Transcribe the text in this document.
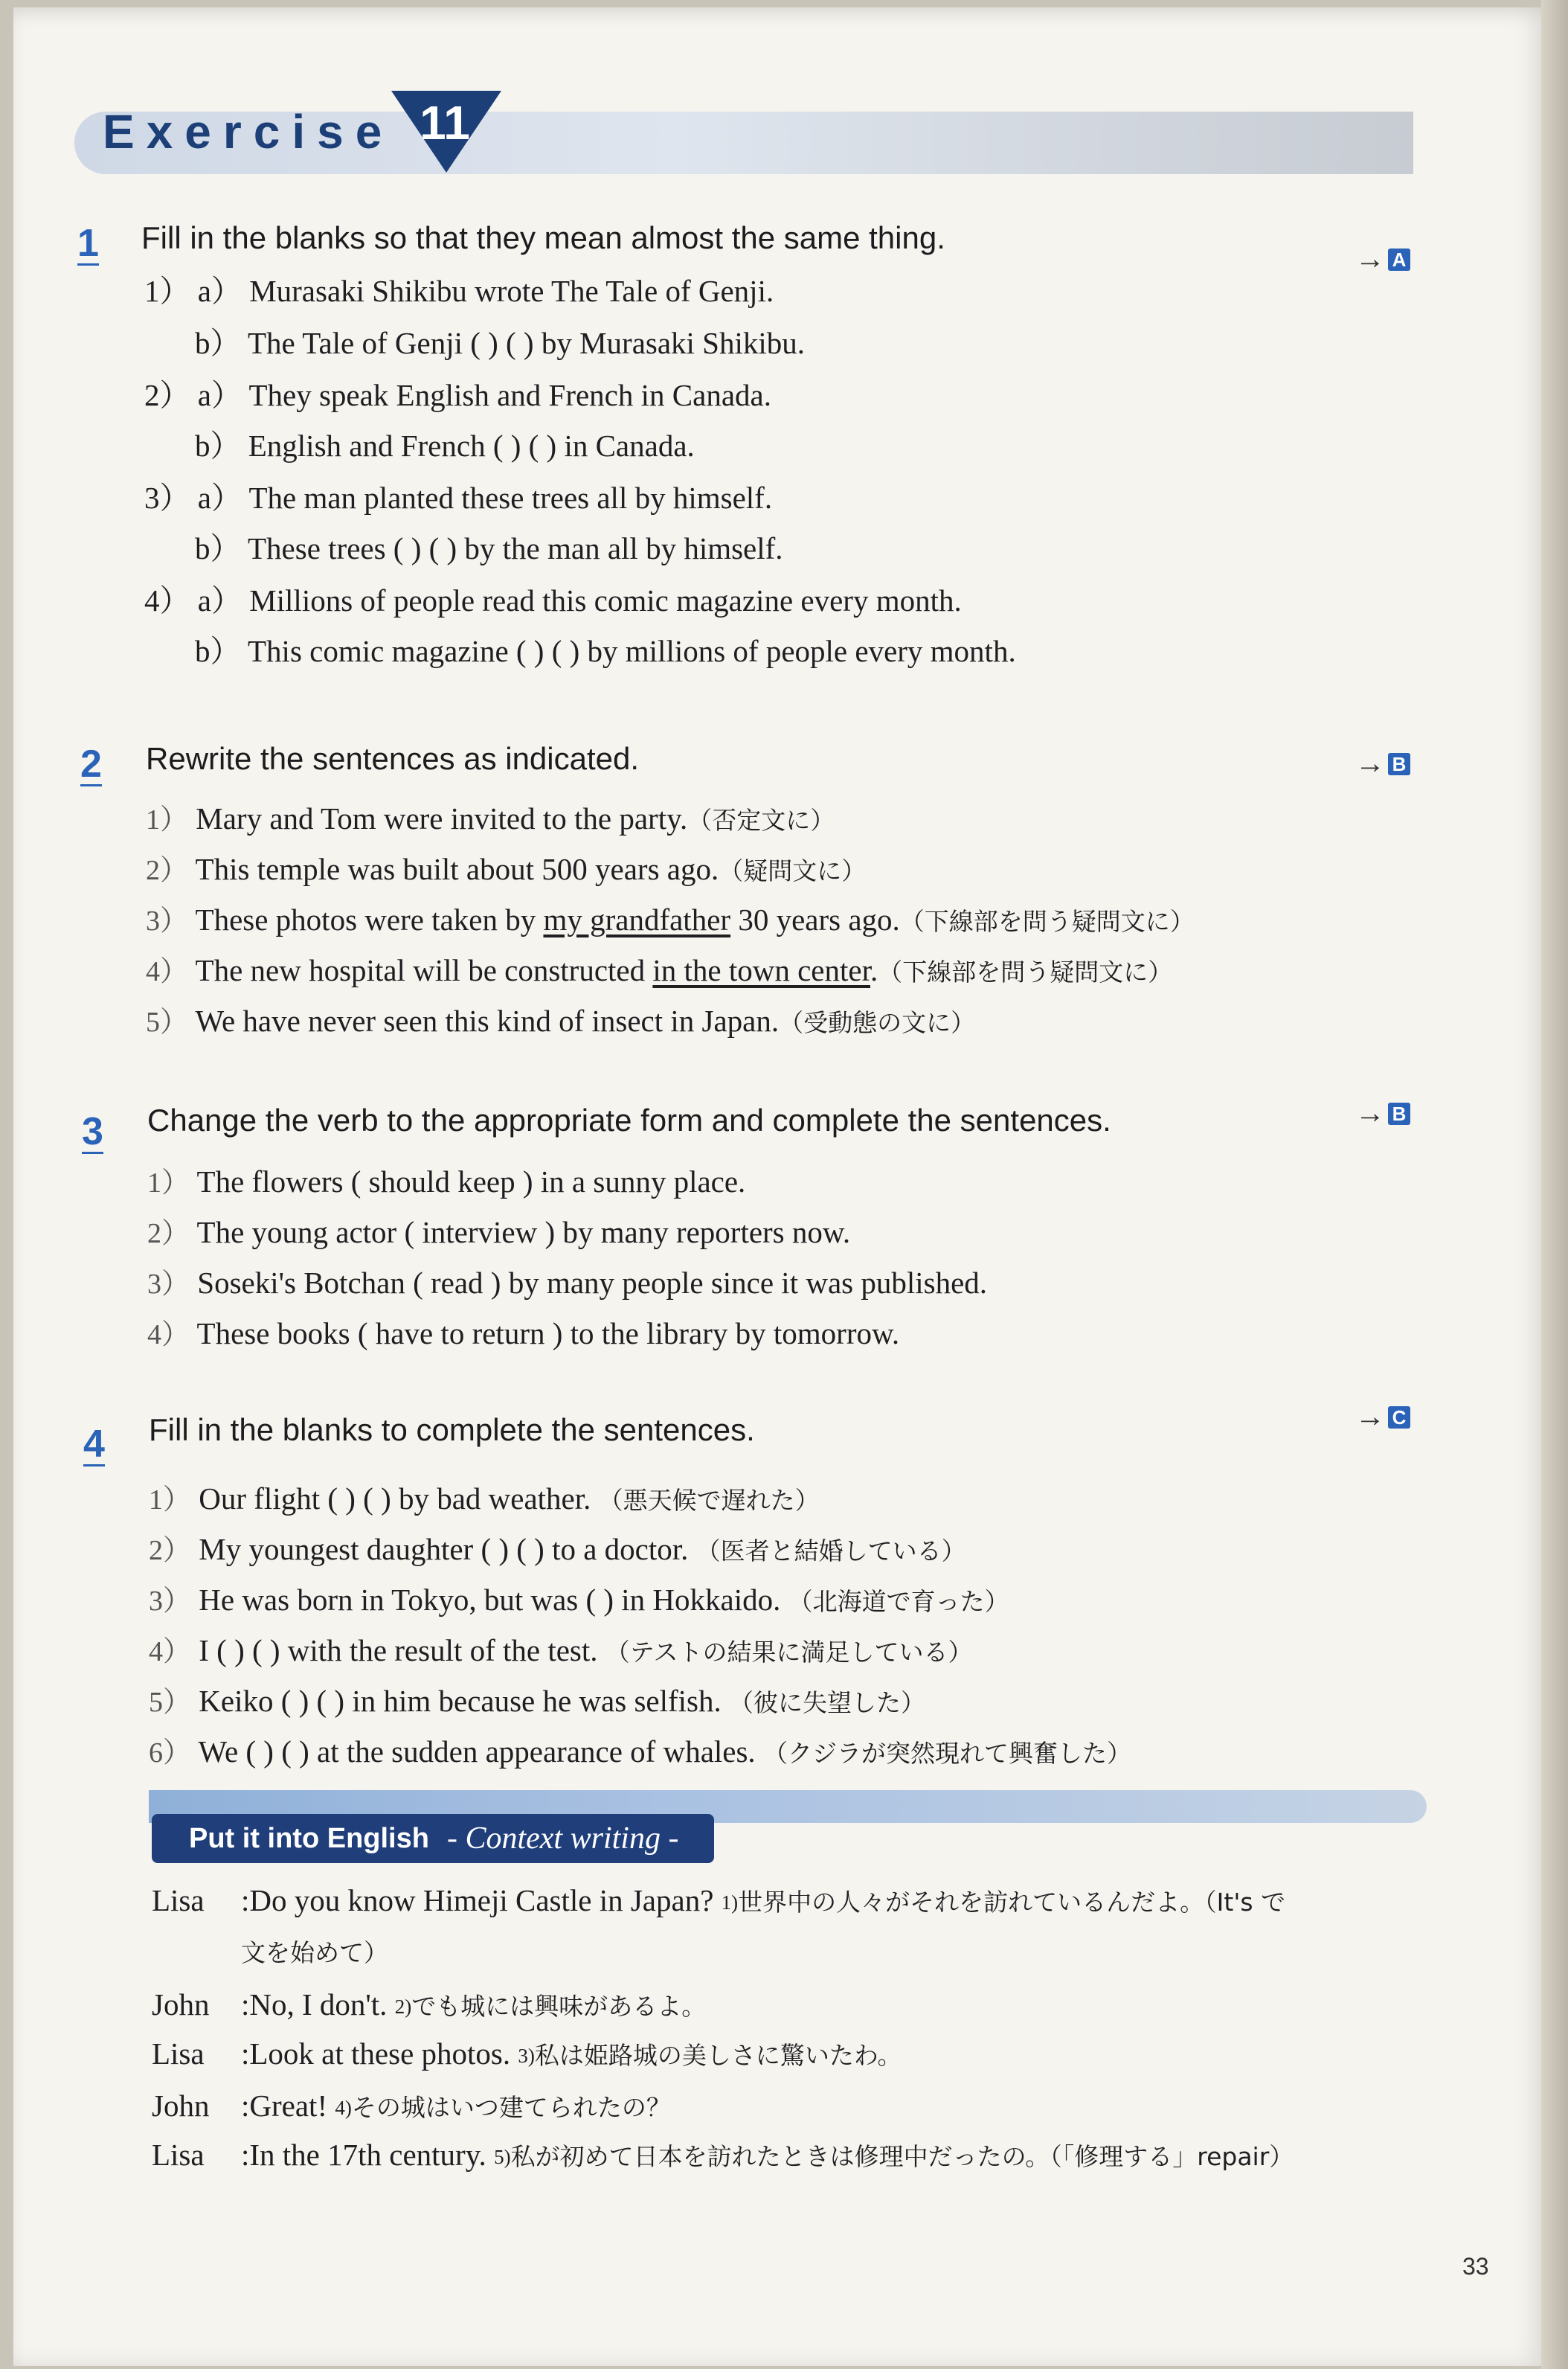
Exercise 11
1 Fill in the blanks so that they mean almost the same thing.
→ A
1） a） Murasaki Shikibu wrote The Tale of Genji.
b） The Tale of Genji ( ) ( ) by Murasaki Shikibu.
2） a） They speak English and French in Canada.
b） English and French ( ) ( ) in Canada.
3） a） The man planted these trees all by himself.
b） These trees ( ) ( ) by the man all by himself.
4） a） Millions of people read this comic magazine every month.
b） This comic magazine ( ) ( ) by millions of people every month.
2 Rewrite the sentences as indicated.	→ B
1） Mary and Tom were invited to the party.（否定文に）
2） This temple was built about 500 years ago.（疑問文に）
3） These photos were taken by my grandfather 30 years ago.（下線部を問う疑問文に）
4） The new hospital will be constructed in the town center.（下線部を問う疑問文に）
5） We have never seen this kind of insect in Japan.（受動態の文に）
3 Change the verb to the appropriate form and complete the sentences.	→ B
1） The flowers ( should keep ) in a sunny place.
2） The young actor ( interview ) by many reporters now.
3） Soseki's Botchan ( read ) by many people since it was published.
4） These books ( have to return ) to the library by tomorrow.
4 Fill in the blanks to complete the sentences.	→ C
1） Our flight ( ) ( ) by bad weather. （悪天候で遅れた）
2） My youngest daughter ( ) ( ) to a doctor. （医者と結婚している）
3） He was born in Tokyo, but was ( ) in Hokkaido. （北海道で育った）
4） I ( ) ( ) with the result of the test. （テストの結果に満足している）
5） Keiko ( ) ( ) in him because he was selfish. （彼に失望した）
6） We ( ) ( ) at the sudden appearance of whales. （クジラが突然現れて興奮した）
Put it into English - Context writing -
Lisa :Do you know Himeji Castle in Japan? 1)世界中の人々がそれを訪れているんだよ。（It's で
文を始めて）
John :No, I don't. 2)でも城には興味があるよ。
Lisa :Look at these photos. 3)私は姫路城の美しさに驚いたわ。
John :Great! 4)その城はいつ建てられたの？
Lisa :In the 17th century. 5)私が初めて日本を訪れたときは修理中だったの。（「修理する」repair）
33
